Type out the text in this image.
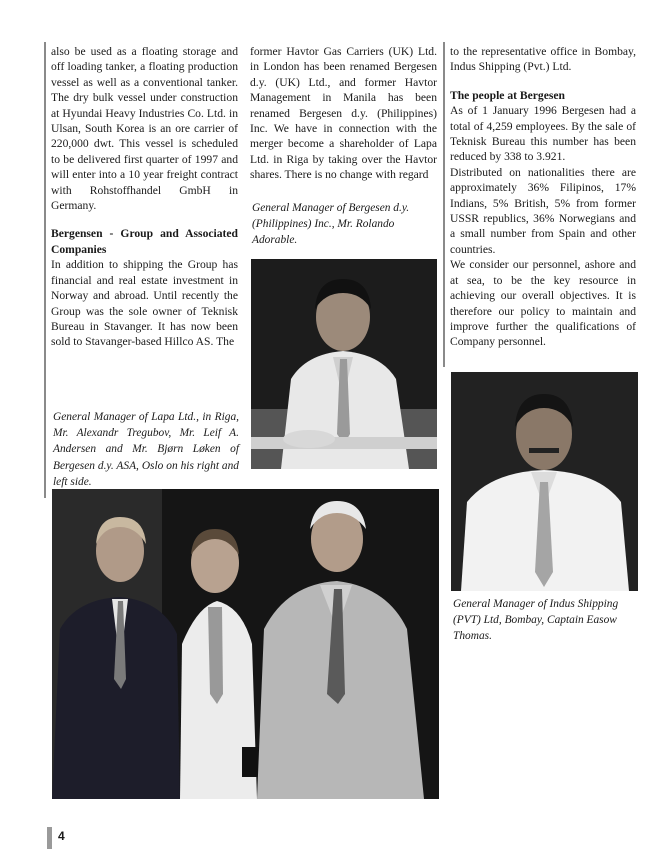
also be used as a floating storage and off loading tanker, a floating production vessel as well as a conventional tanker. The dry bulk vessel under construction at Hyundai Heavy Industries Co. Ltd. in Ulsan, South Korea is an ore carrier of 220,000 dwt. This vessel is scheduled to be delivered first quarter of 1997 and will enter into a 10 year freight contract with Rohstoffhandel GmbH in Germany.

Bergensen - Group and Associated Companies

In addition to shipping the Group has financial and real estate investment in Norway and abroad. Until recently the Group was the sole owner of Teknisk Bureau in Stavanger. It has now been sold to Stavanger-based Hillco AS. The

former Havtor Gas Carriers (UK) Ltd. in London has been renamed Bergesen d.y. (UK) Ltd., and former Havtor Management in Manila has been renamed Bergesen d.y. (Philippines) Inc. We have in connection with the merger become a shareholder of Lapa Ltd. in Riga by taking over the Havtor shares. There is no change with regard

to the representative office in Bombay, Indus Shipping (Pvt.) Ltd.

The people at Bergesen

As of 1 January 1996 Bergesen had a total of 4,259 employees. By the sale of Teknisk Bureau this number has been reduced by 338 to 3.921.

Distributed on nationalities there are approximately 36% Filipinos, 17% Indians, 5% British, 5% from former USSR republics, 36% Norwegians and a small number from Spain and other countries.

We consider our personnel, ashore and at sea, to be the key resource in achieving our overall objectives. It is therefore our policy to maintain and improve further the qualifications of Company personnel.

General Manager of Bergesen d.y. (Philippines) Inc., Mr. Rolando Adorable.
General Manager of Indus Shipping (PVT) Ltd, Bombay, Captain Easow Thomas.
General Manager of Lapa Ltd., in Riga, Mr. Alexandr Tregubov, Mr. Leif A. Andersen and Mr. Bjørn Løken of Bergesen d.y. ASA, Oslo on his right and left side.
4
